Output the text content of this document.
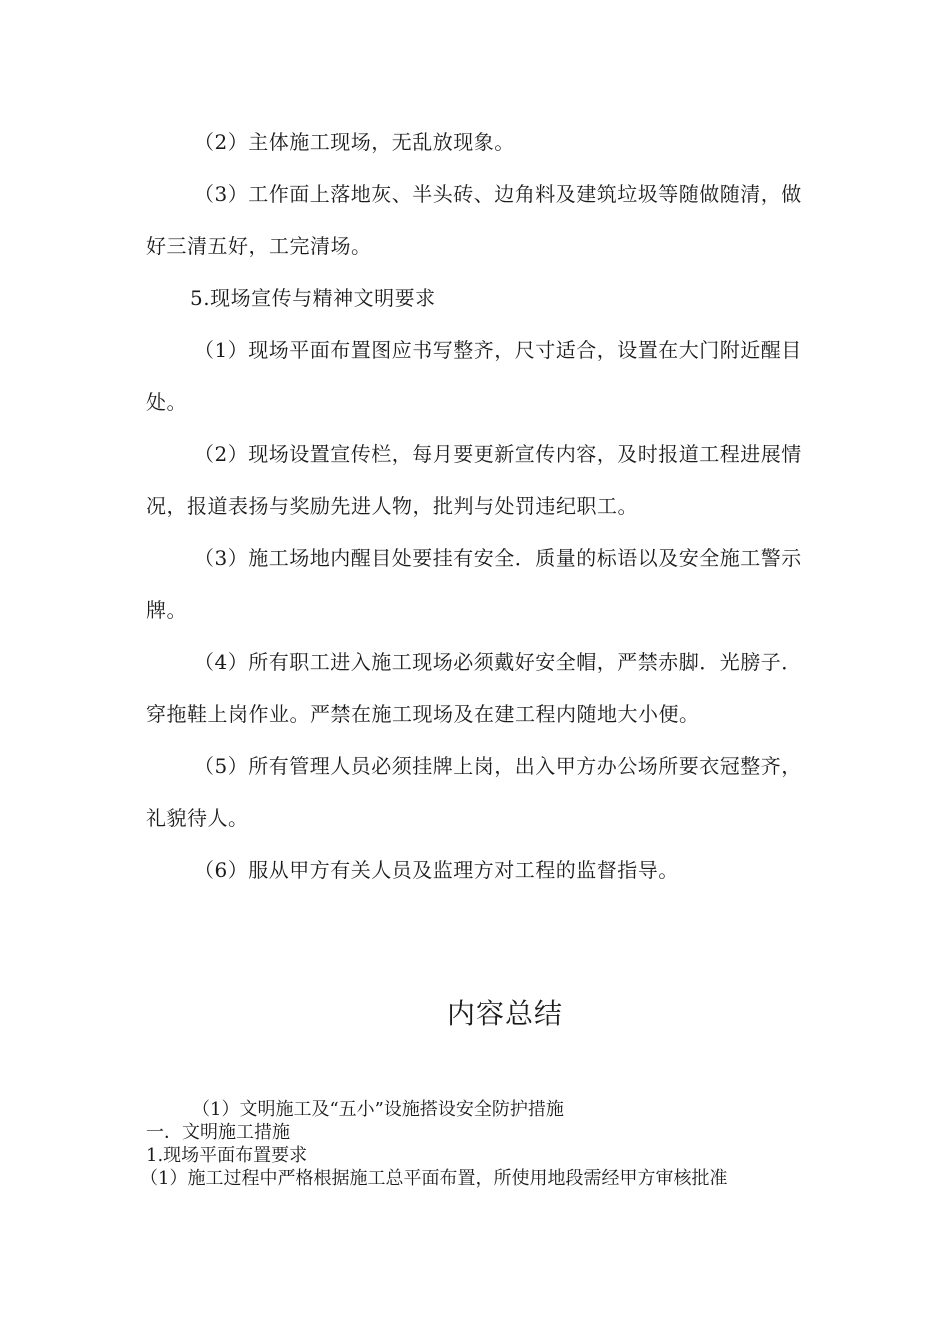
（2）主体施工现场，无乱放现象。

（3）工作面上落地灰、半头砖、边角料及建筑垃圾等随做随清，做好三清五好，工完清场。

5.现场宣传与精神文明要求

（1）现场平面布置图应书写整齐，尺寸适合，设置在大门附近醒目处。

（2）现场设置宣传栏，每月要更新宣传内容，及时报道工程进展情况，报道表扬与奖励先进人物，批判与处罚违纪职工。

（3）施工场地内醒目处要挂有安全．质量的标语以及安全施工警示牌。

（4）所有职工进入施工现场必须戴好安全帽，严禁赤脚．光膀子．穿拖鞋上岗作业。严禁在施工现场及在建工程内随地大小便。

（5）所有管理人员必须挂牌上岗，出入甲方办公场所要衣冠整齐，礼貌待人。

（6）服从甲方有关人员及监理方对工程的监督指导。

内容总结

（1）文明施工及“五小”设施搭设安全防护措施

一．文明施工措施

1.现场平面布置要求

（1）施工过程中严格根据施工总平面布置，所使用地段需经甲方审核批准
